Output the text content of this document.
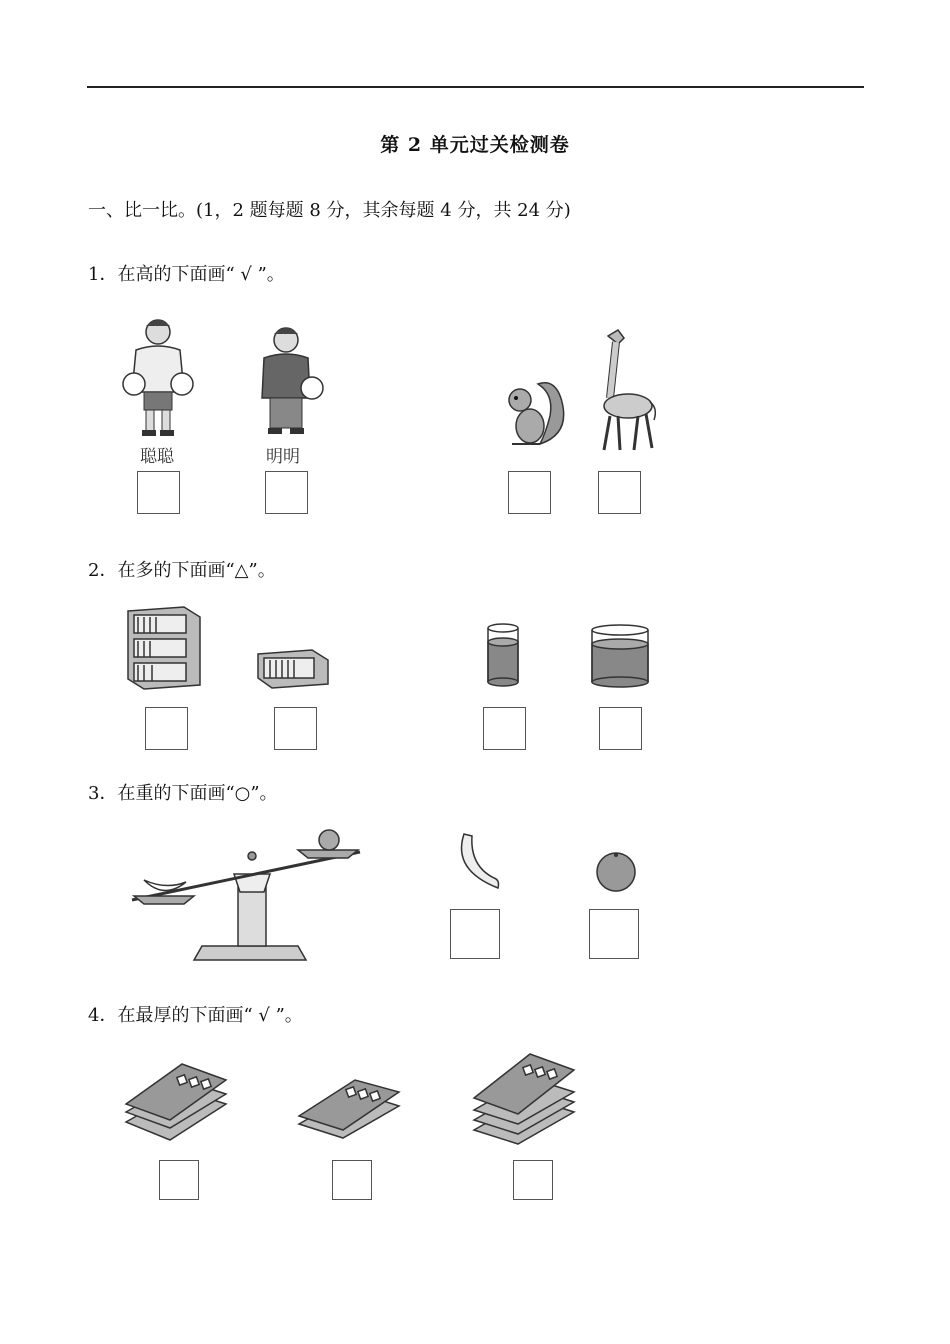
第 2 单元过关检测卷
一、比一比。(1，2 题每题 8 分，其余每题 4 分，共 24 分)
1．在高的下面画“ √ ”。
聪聪	明明
2．在多的下面画“△”。
3．在重的下面画“○”。
4．在最厚的下面画“ √ ”。
